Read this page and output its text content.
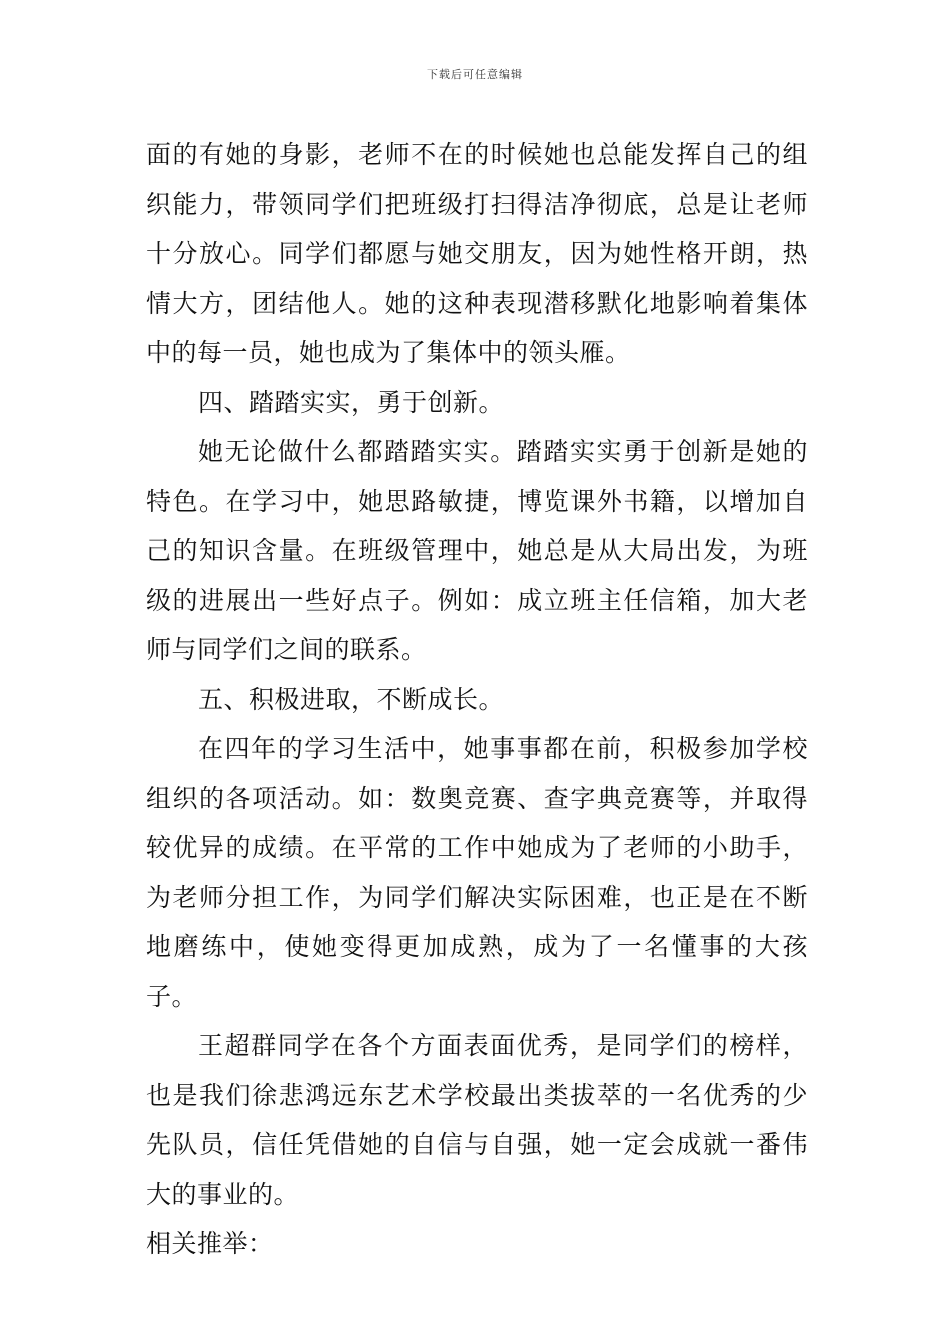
下载后可任意编辑

面的有她的身影，老师不在的时候她也总能发挥自己的组织能力，带领同学们把班级打扫得洁净彻底，总是让老师十分放心。同学们都愿与她交朋友，因为她性格开朗，热情大方，团结他人。她的这种表现潜移默化地影响着集体中的每一员，她也成为了集体中的领头雁。

四、踏踏实实，勇于创新。

她无论做什么都踏踏实实。踏踏实实勇于创新是她的特色。在学习中，她思路敏捷，博览课外书籍，以增加自己的知识含量。在班级管理中，她总是从大局出发，为班级的进展出一些好点子。例如：成立班主任信箱，加大老师与同学们之间的联系。

五、积极进取，不断成长。

在四年的学习生活中，她事事都在前，积极参加学校组织的各项活动。如：数奥竞赛、查字典竞赛等，并取得较优异的成绩。在平常的工作中她成为了老师的小助手，为老师分担工作，为同学们解决实际困难，也正是在不断地磨练中，使她变得更加成熟，成为了一名懂事的大孩子。

王超群同学在各个方面表面优秀，是同学们的榜样，也是我们徐悲鸿远东艺术学校最出类拔萃的一名优秀的少先队员，信任凭借她的自信与自强，她一定会成就一番伟大的事业的。

相关推举：
